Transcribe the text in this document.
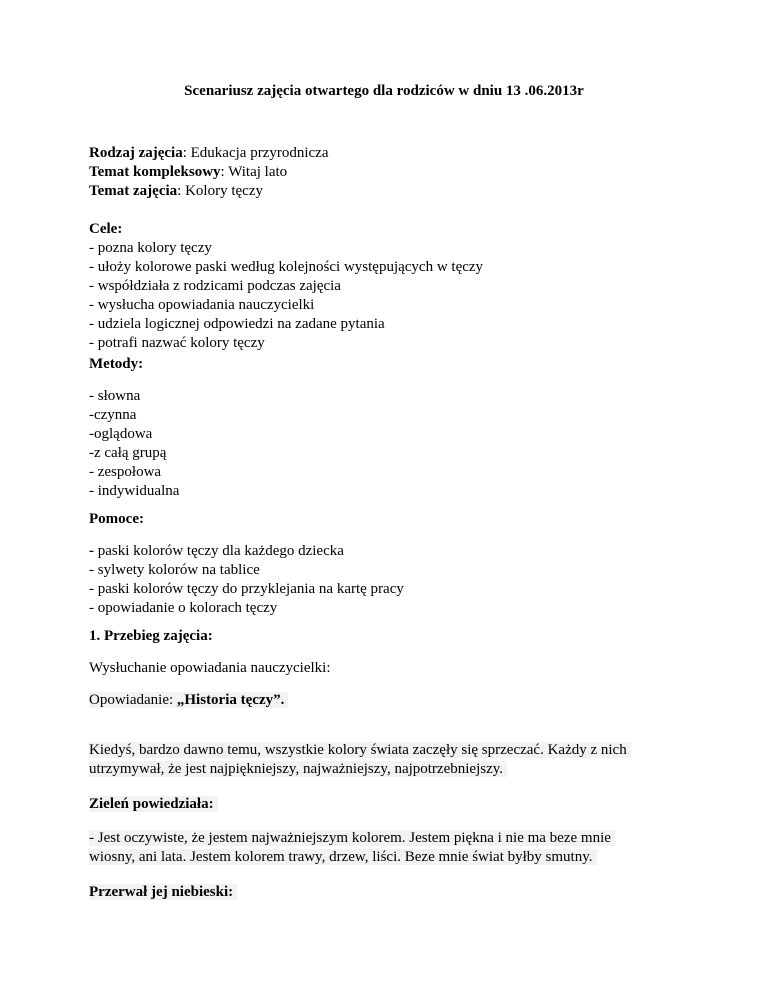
Scenariusz zajęcia otwartego dla rodziców w dniu 13 .06.2013r
Rodzaj zajęcia: Edukacja przyrodnicza
Temat kompleksowy: Witaj lato
Temat zajęcia: Kolory tęczy
Cele:
- pozna kolory tęczy
- ułoży kolorowe paski według kolejności występujących w tęczy
- współdziała z rodzicami podczas zajęcia
- wysłucha opowiadania nauczycielki
- udziela logicznej odpowiedzi na zadane pytania
- potrafi nazwać kolory tęczy
Metody:
- słowna
-czynna
-oglądowa
-z całą grupą
- zespołowa
- indywidualna
Pomoce:
- paski kolorów tęczy dla każdego dziecka
- sylwety kolorów na tablice
- paski kolorów tęczy do przyklejania na kartę pracy
- opowiadanie o kolorach tęczy
1. Przebieg zajęcia:
Wysłuchanie opowiadania nauczycielki:
Opowiadanie: „Historia tęczy”.
Kiedyś, bardzo dawno temu, wszystkie kolory świata zaczęły się sprzeczać. Każdy z nich
utrzymywał, że jest najpiękniejszy, najważniejszy, najpotrzebniejszy.
Zieleń powiedziała:
- Jest oczywiste, że jestem najważniejszym kolorem. Jestem piękna i nie ma beze mnie
wiosny, ani lata. Jestem kolorem trawy, drzew, liści. Beze mnie świat byłby smutny.
Przerwał jej niebieski:
